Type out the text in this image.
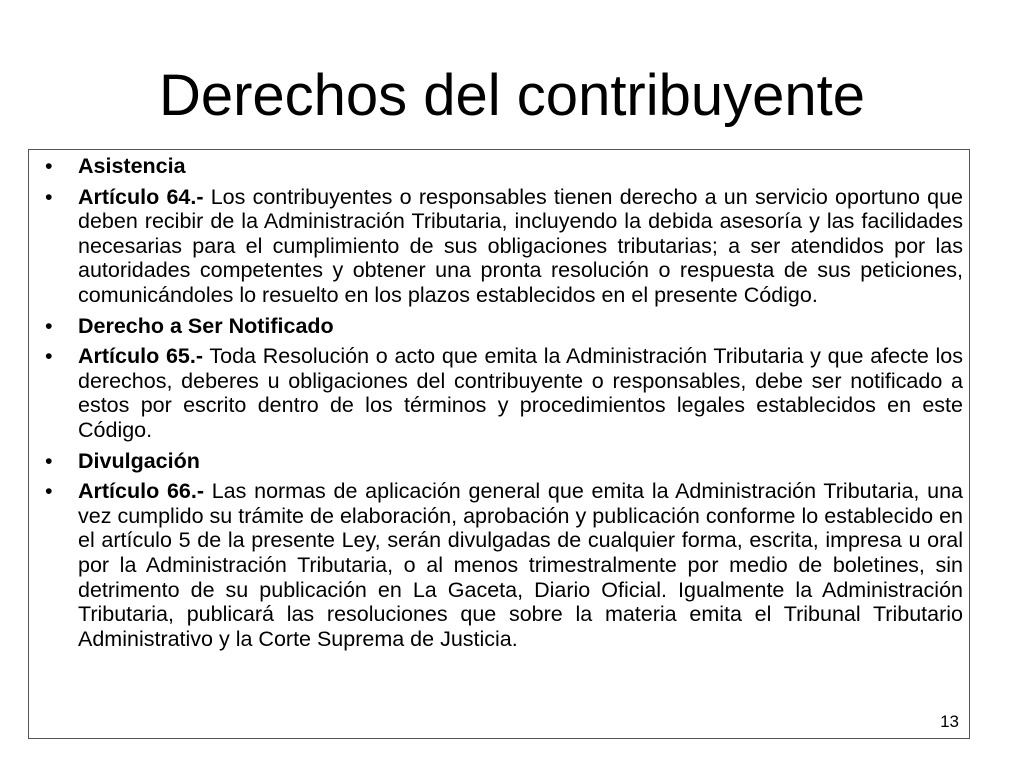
Derechos del contribuyente
•	Asistencia
•	Artículo 64.- Los contribuyentes o responsables tienen derecho a un servicio oportuno que deben recibir de la Administración Tributaria, incluyendo la debida asesoría y las facilidades necesarias para el cumplimiento de sus obligaciones tributarias; a ser atendidos por las autoridades competentes y obtener una pronta resolución o respuesta de sus peticiones, comunicándoles lo resuelto en los plazos establecidos en el presente Código.
•	Derecho a Ser Notificado
•	Artículo 65.- Toda Resolución o acto que emita la Administración Tributaria y que afecte los derechos, deberes u obligaciones del contribuyente o responsables, debe ser notificado a estos por escrito dentro de los términos y procedimientos legales establecidos en este Código.
•	Divulgación
•	Artículo 66.- Las normas de aplicación general que emita la Administración Tributaria, una vez cumplido su trámite de elaboración, aprobación y publicación conforme lo establecido en el artículo 5 de la presente Ley, serán divulgadas de cualquier forma, escrita, impresa u oral por la Administración Tributaria, o al menos trimestralmente por medio de boletines, sin detrimento de su publicación en La Gaceta, Diario Oficial. Igualmente la Administración Tributaria, publicará las resoluciones que sobre la materia emita el Tribunal Tributario Administrativo y la Corte Suprema de Justicia.
13
